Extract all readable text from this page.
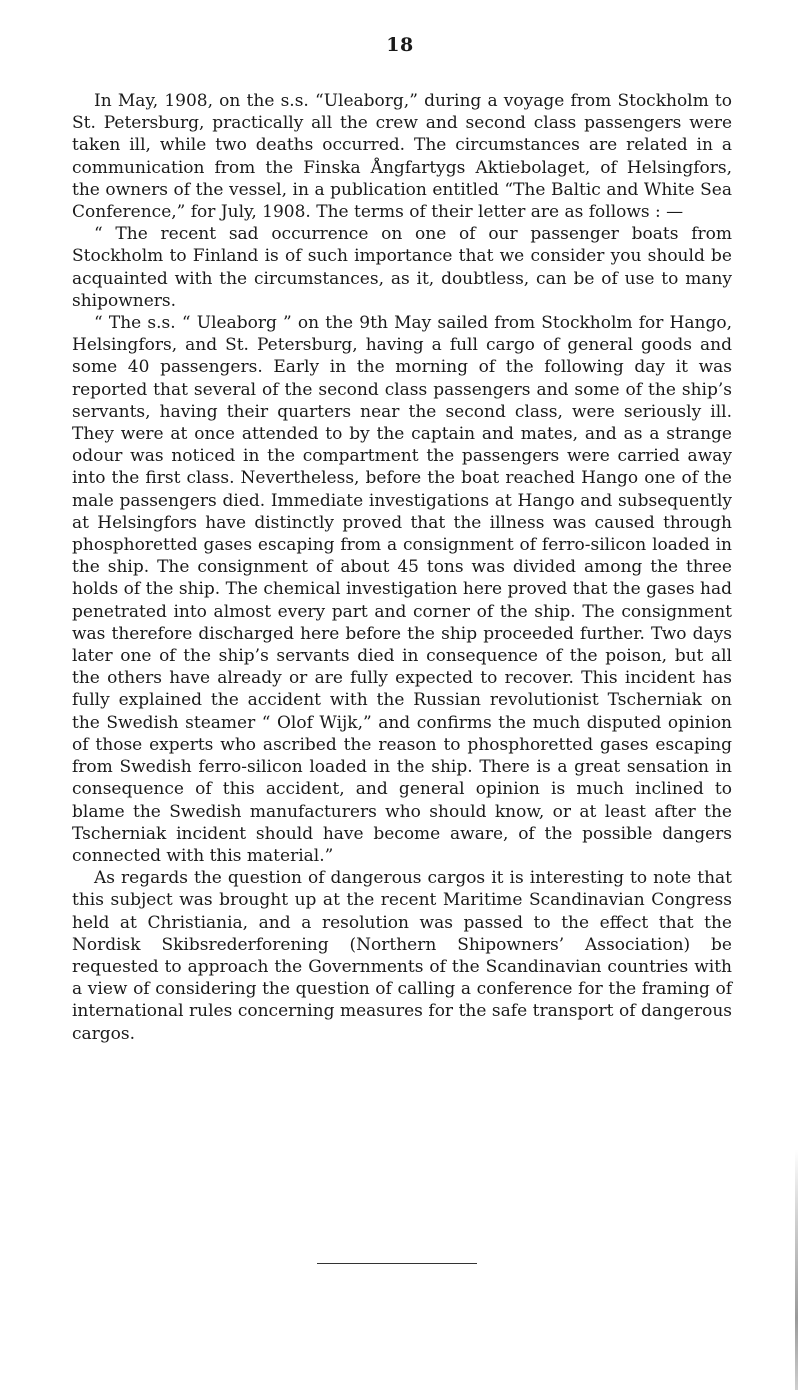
18

In May, 1908, on the s.s. “Uleaborg,” during a voyage from Stockholm to St. Petersburg, practically all the crew and second class passengers were taken ill, while two deaths occurred. The circumstances are related in a communication from the Finska Ångfartygs Aktiebolaget, of Helsingfors, the owners of the vessel, in a publication entitled “The Baltic and White Sea Conference,” for July, 1908. The terms of their letter are as follows : —

“ The recent sad occurrence on one of our passenger boats from Stockholm to Finland is of such importance that we consider you should be acquainted with the circumstances, as it, doubtless, can be of use to many shipowners.

“ The s.s. “ Uleaborg ” on the 9th May sailed from Stockholm for Hango, Helsingfors, and St. Petersburg, having a full cargo of general goods and some 40 passengers. Early in the morning of the following day it was reported that several of the second class passengers and some of the ship’s servants, having their quarters near the second class, were seriously ill. They were at once attended to by the captain and mates, and as a strange odour was noticed in the compartment the passengers were carried away into the first class. Nevertheless, before the boat reached Hango one of the male passengers died. Immediate investigations at Hango and subsequently at Helsingfors have distinctly proved that the illness was caused through phosphoretted gases escaping from a consignment of ferro-silicon loaded in the ship. The consignment of about 45 tons was divided among the three holds of the ship. The chemical investigation here proved that the gases had penetrated into almost every part and corner of the ship. The consignment was therefore discharged here before the ship proceeded further. Two days later one of the ship’s servants died in consequence of the poison, but all the others have already or are fully expected to recover. This incident has fully explained the accident with the Russian revolutionist Tscherniak on the Swedish steamer “ Olof Wijk,” and confirms the much disputed opinion of those experts who ascribed the reason to phosphoretted gases escaping from Swedish ferro-silicon loaded in the ship. There is a great sensation in consequence of this accident, and general opinion is much inclined to blame the Swedish manufacturers who should know, or at least after the Tscherniak incident should have become aware, of the possible dangers connected with this material.”

As regards the question of dangerous cargos it is interesting to note that this subject was brought up at the recent Maritime Scandinavian Congress held at Christiania, and a resolution was passed to the effect that the Nordisk Skibsrederforening (Northern Shipowners’ Association) be requested to approach the Governments of the Scandinavian countries with a view of considering the question of calling a conference for the framing of international rules concerning measures for the safe transport of dangerous cargos.
